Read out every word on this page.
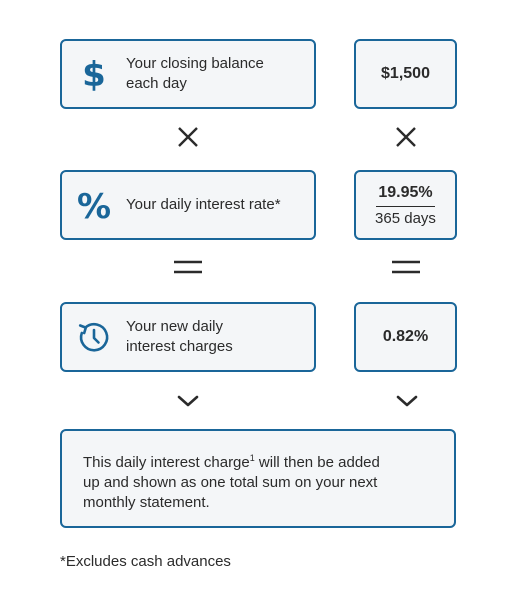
$ Your closing balance
each day
$1,500
% Your daily interest rate*
19.95%
365 days
Your new daily
interest charges
0.82%
This daily interest charge$^1$ will then be added
up and shown as one total sum on your next
monthly statement.
*Excludes cash advances
